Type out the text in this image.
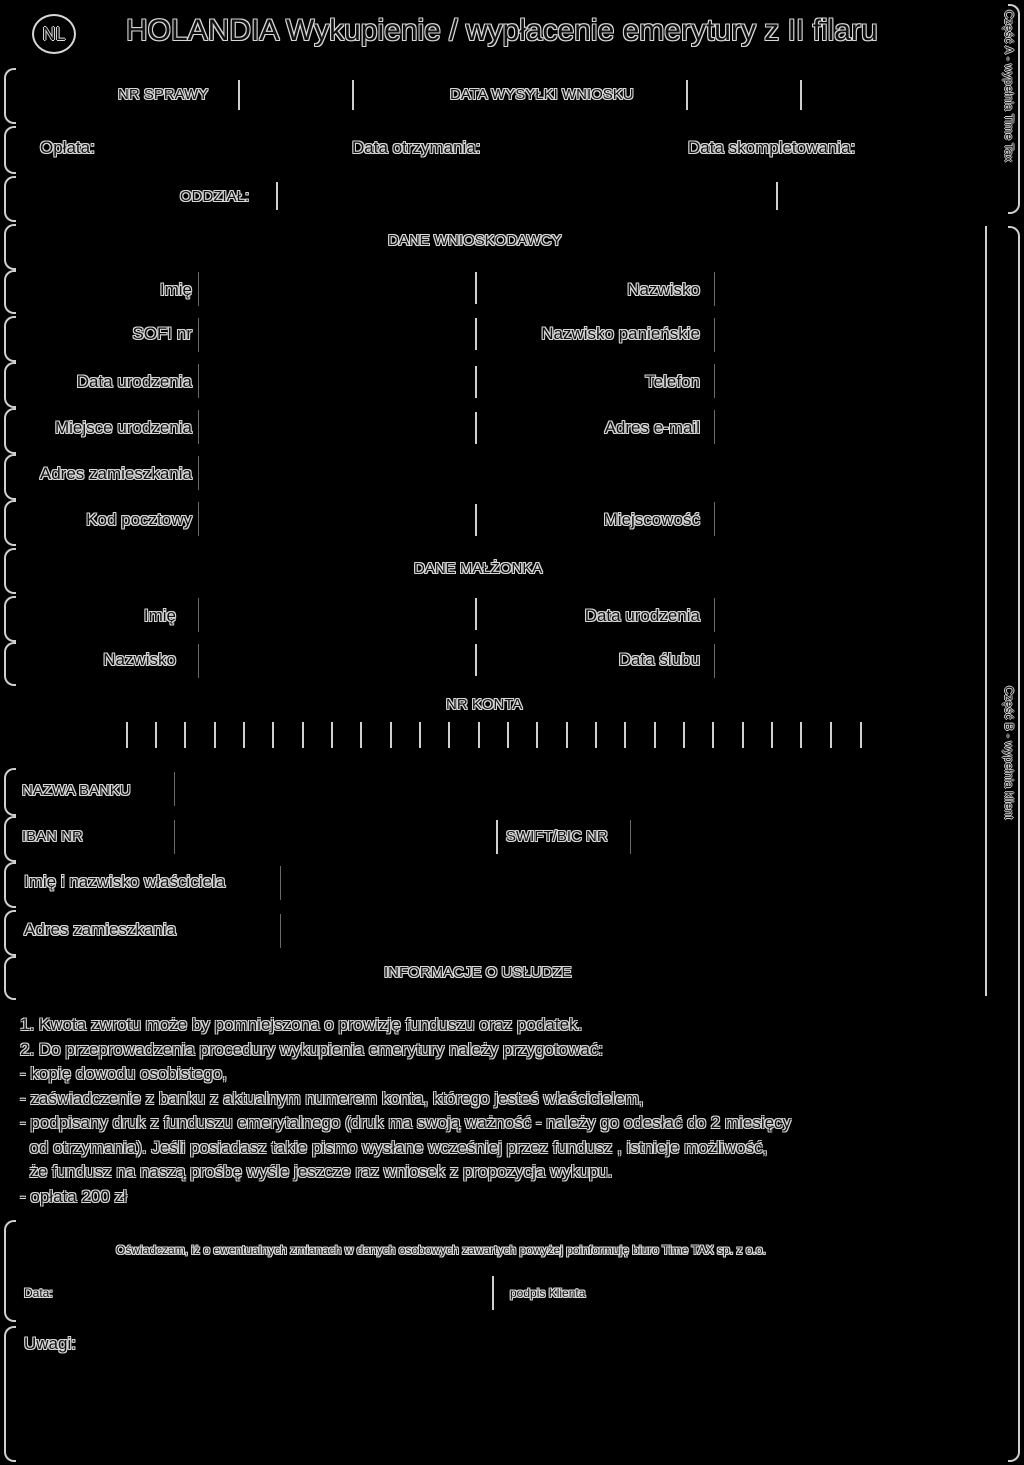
NL HOLANDIA Wykupienie / wypłacenie emerytury z II filaru	Część A - wypełnia Time Tax
Część B - wypełnia klient
NR SPRAWY	DATA WYSYŁKI WNIOSKU
Opłata:	Data otrzymania:	Data skompletowania:
ODDZIAŁ:
DANE WNIOSKODAWCY
Imię	Nazwisko
SOFI nr	Nazwisko panieńskie
Data urodzenia	Telefon
Miejsce urodzenia	Adres e-mail
Adres zamieszkania
Kod pocztowy	Miejscowość
DANE MAŁŻONKA
Imię	Data urodzenia
Nazwisko	Data ślubu
NR KONTA
NAZWA BANKU
IBAN NR	SWIFT/BIC NR
Imię i nazwisko właściciela
Adres zamieszkania
INFORMACJE O USŁUDZE
1. Kwota zwrotu może by pomniejszona o prowizję funduszu oraz podatek.
2. Do przeprowadzenia procedury wykupienia emerytury należy przygotować:
- kopię dowodu osobistego,
- zaświadczenie z banku z aktualnym numerem konta, którego jesteś właścicielem,
- podpisany druk z funduszu emerytalnego (druk ma swoją ważność - należy go odesłać do 2 miesięcy
od otrzymania). Jeśli posiadasz takie pismo wysłane wcześniej przez fundusz , istnieje możliwość,
że fundusz na naszą prośbę wyśle jeszcze raz wniosek z propozycja wykupu.
- opłata 200 zł
Oświadczam, iż o ewentualnych zmianach w danych osobowych zawartych powyżej poinformuję biuro Time TAX sp. z o.o.
Data:	podpis Klienta
Uwagi:
